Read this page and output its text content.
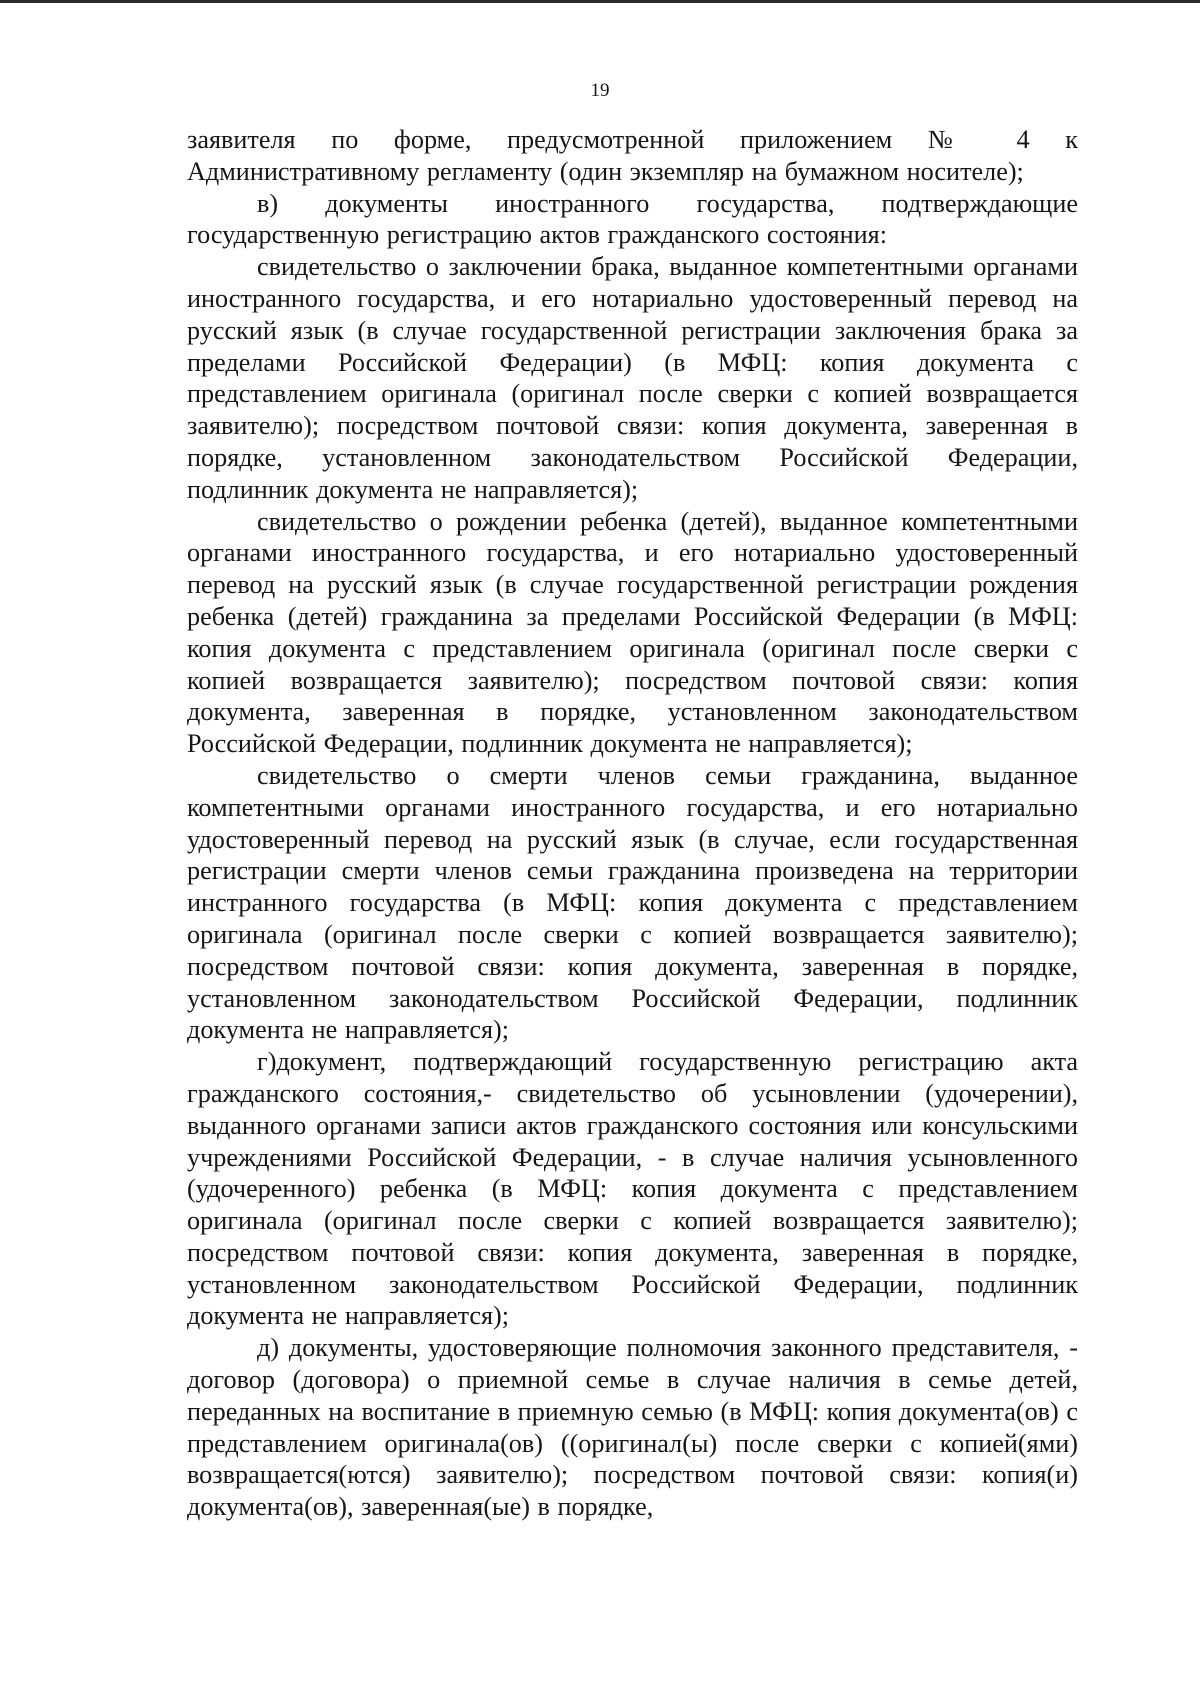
19

заявителя по форме, предусмотренной приложением № 4 к Административному регламенту (один экземпляр на бумажном носителе);

в) документы иностранного государства, подтверждающие государственную регистрацию актов гражданского состояния:

свидетельство о заключении брака, выданное компетентными органами иностранного государства, и его нотариально удостоверенный перевод на русский язык (в случае государственной регистрации заключения брака за пределами Российской Федерации) (в МФЦ: копия документа с представлением оригинала (оригинал после сверки с копией возвращается заявителю); посредством почтовой связи: копия документа, заверенная в порядке, установленном законодательством Российской Федерации, подлинник документа не направляется);

свидетельство о рождении ребенка (детей), выданное компетентными органами иностранного государства, и его нотариально удостоверенный перевод на русский язык (в случае государственной регистрации рождения ребенка (детей) гражданина за пределами Российской Федерации (в МФЦ: копия документа с представлением оригинала (оригинал после сверки с копией возвращается заявителю); посредством почтовой связи: копия документа, заверенная в порядке, установленном законодательством Российской Федерации, подлинник документа не направляется);

свидетельство о смерти членов семьи гражданина, выданное компетентными органами иностранного государства, и его нотариально удостоверенный перевод на русский язык (в случае, если государственная регистрации смерти членов семьи гражданина произведена на территории инстранного государства (в МФЦ: копия документа с представлением оригинала (оригинал после сверки с копией возвращается заявителю); посредством почтовой связи: копия документа, заверенная в порядке, установленном законодательством Российской Федерации, подлинник документа не направляется);

г)документ, подтверждающий государственную регистрацию акта гражданского состояния,- свидетельство об усыновлении (удочерении), выданного органами записи актов гражданского состояния или консульскими учреждениями Российской Федерации, - в случае наличия усыновленного (удочеренного) ребенка (в МФЦ: копия документа с представлением оригинала (оригинал после сверки с копией возвращается заявителю); посредством почтовой связи: копия документа, заверенная в порядке, установленном законодательством Российской Федерации, подлинник документа не направляется);

д) документы, удостоверяющие полномочия законного представителя, - договор (договора) о приемной семье в случае наличия в семье детей, переданных на воспитание в приемную семью (в МФЦ: копия документа(ов) с представлением оригинала(ов) ((оригинал(ы) после сверки с копией(ями) возвращается(ются) заявителю); посредством почтовой связи: копия(и) документа(ов), заверенная(ые) в порядке,
